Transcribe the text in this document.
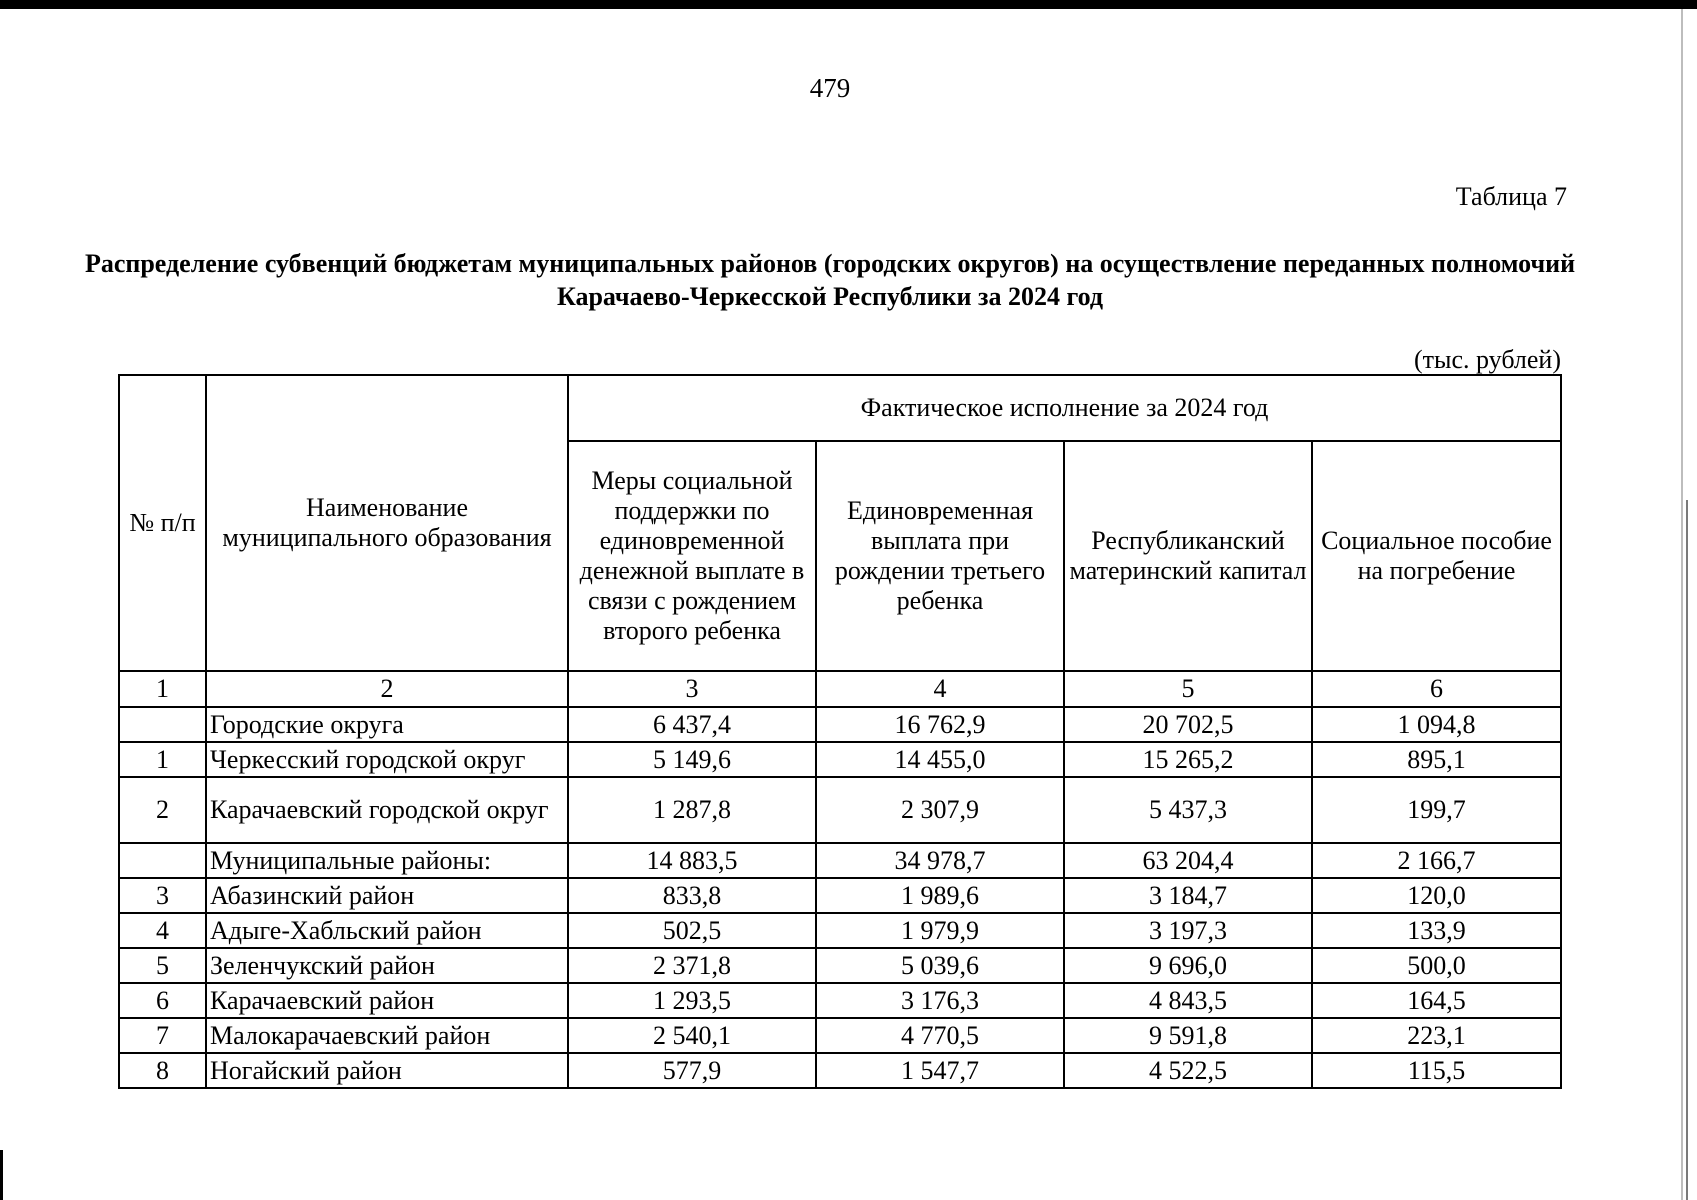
479
Таблица 7
Распределение субвенций бюджетам муниципальных районов (городских округов) на осуществление переданных полномочий Карачаево-Черкесской Республики за 2024 год
(тыс. рублей)
№ п/п	Наименование муниципального образования	Фактическое исполнение за 2024 год			
		Меры социальной поддержки по единовременной денежной выплате в связи с рождением второго ребенка	Единовременная выплата при рождении третьего ребенка	Республиканский материнский капитал	Социальное пособие на погребение
1	2	3	4	5	6
	Городские округа	6 437,4	16 762,9	20 702,5	1 094,8
1	Черкесский городской округ	5 149,6	14 455,0	15 265,2	895,1
2	Карачаевский городской округ	1 287,8	2 307,9	5 437,3	199,7
	Муниципальные районы:	14 883,5	34 978,7	63 204,4	2 166,7
3	Абазинский район	833,8	1 989,6	3 184,7	120,0
4	Адыге-Хабльский район	502,5	1 979,9	3 197,3	133,9
5	Зеленчукский район	2 371,8	5 039,6	9 696,0	500,0
6	Карачаевский район	1 293,5	3 176,3	4 843,5	164,5
7	Малокарачаевский район	2 540,1	4 770,5	9 591,8	223,1
8	Ногайский район	577,9	1 547,7	4 522,5	115,5
